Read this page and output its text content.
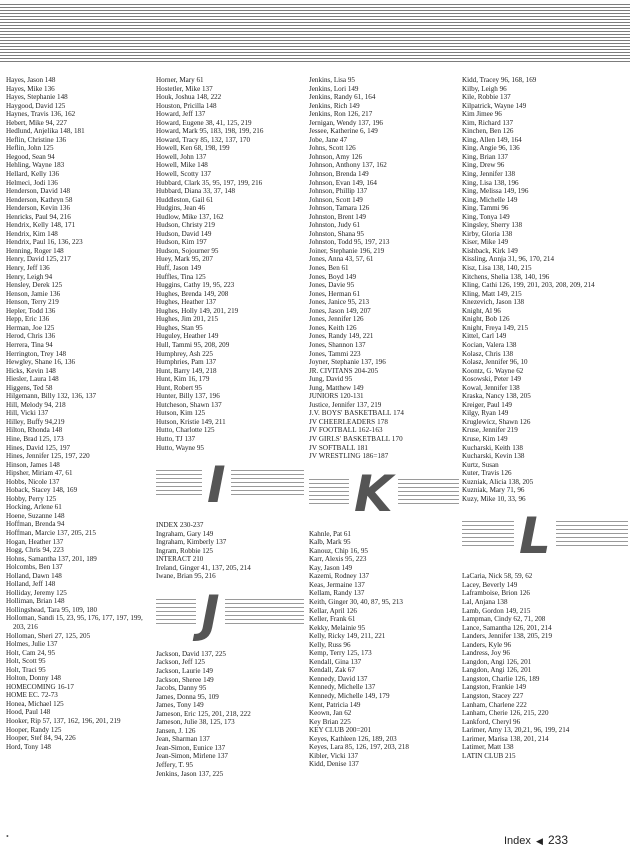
Hayes, Jason 148
Hayes, Mike 136
Hayes, Stephanie 148
Haygood, David 125
Haynes, Travis 136, 162
Hebert, Mike 94, 227
Hedlund, Anjelika 148, 181
Heflin, Christine 136
Heflin, John 125
Hegood, Sean 94
Hehling, Wayne 183
Hellard, Kelly 136
Helmeci, Jodi 136
Henderson, David 148
Henderson, Kathryn 58
Henderson, Kevin 136
Henricks, Paul 94, 216
Hendrix, Kelly 148, 171
Hendrix, Kim 148
Hendrix, Paul 16, 136, 223
Henning, Roger 148
Henry, David 125, 217
Henry, Jeff 136
Henry, Leigh 94
Hensley, Derek 125
Henson, Jamie 136
Henson, Terry 219
Hepler, Todd 136
Hepp, Eric 136
Herman, Joe 125
Herod, Chris 136
Herrera, Tina 94
Herrington, Trey 148
Hewgley, Shane 16, 136
Hicks, Kevin 148
Hiesler, Laura 148
Higgens, Ted 58
Hilgemann, Billy 132, 136, 137
Hill, Melody 94, 218
Hill, Vicki 137
Hilley, Buffy 94,219
Hilton, Rhonda 148
Hine, Brad 125, 173
Hines, David 125, 197
Hines, Jennifer 125, 197, 220
Hinson, James 148
Hipsher, Miriam 47, 61
Hobbs, Nicole 137
Hoback, Stacey 148, 169
Hobby, Perry 125
Hocking, Arlene 61
Hoene, Suzanne 148
Hoffman, Brenda 94
Hoffman, Marcie 137, 205, 215
Hogan, Heather 137
Hogg, Chris 94, 223
Hohns, Samantha 137, 201, 189
Holcombs, Ben 137
Holland, Dawn 148
Holland, Jeff 148
Holliday, Jeremy 125
Holliman, Brian 148
Hollingshead, Tara 95, 109, 180
Holloman, Sandi 15, 23, 95, 176, 177, 197, 199, 203, 216
Holloman, Sheri 27, 125, 205
Holmes, Julie 137
Holt, Cam 24, 95
Holt, Scott 95
Holt, Traci 95
Holton, Donny 148
HOMECOMING 16-17
HOME EC. 72-73
Honea, Michael 125
Hood, Paul 148
Hooker, Rip 57, 137, 162, 196, 201, 219
Hooper, Randy 125
Hooper, Stef 84, 94, 226
Hord, Tony 148
Horner, Mary 61
Hostetler, Mike 137
Houk, Joshua 148, 222
Houston, Pricilla 148
Howard, Jeff 137
Howard, Eugene 38, 41, 125, 219
Howard, Mark 95, 183, 198, 199, 216
Howard, Tracy 85, 132, 137, 170
Howell, Ken 68, 198, 199
Howell, John 137
Howell, Mike 148
Howell, Scotty 137
Hubbard, Clark 35, 95, 197, 199, 216
Hubbard, Diana 33, 37, 148
Huddleston, Gail 61
Hudgins, Jean 46
Hudlow, Mike 137, 162
Hudson, Christy 219
Hudson, David 149
Hudson, Kim 197
Hudson, Sojourner 95
Huey, Mark 95, 207
Huff, Jason 149
Huffles, Tina 125
Huggins, Cathy 19, 95, 223
Hughes, Brenda 149, 208
Hughes, Heather 137
Hughes, Holly 149, 201, 219
Hughes, Jim 201, 215
Hughes, Stan 95
Huguley, Heather 149
Hull, Tammi 95, 208, 209
Humphrey, Ash 225
Humphries, Pam 137
Hunt, Barry 149, 218
Hunt, Kim 16, 179
Hunt, Robert 95
Hunter, Billy 137, 196
Hutcheson, Shawn 137
Hutson, Kim 125
Hutson, Kristie 149, 211
Hutto, Charlotte 125
Hutto, TJ 137
Hutto, Wayne 95
I
INDEX 230-237
Ingraham, Gary 149
Ingraham, Kimberly 137
Ingram, Robbie 125
INTERACT 210
Ireland, Ginger 41, 137, 205, 214
Iwane, Brian 95, 216
J
Jackson, David 137, 225
Jackson, Jeff 125
Jackson, Laurie 149
Jackson, Sheree 149
Jacobs, Danny 95
James, Donna 95, 109
James, Tony 149
Jameson, Eric 125, 201, 218, 222
Jameson, Julie 38, 125, 173
Jansen, J. 126
Jean, Sharman 137
Jean-Simon, Eunice 137
Jean-Simon, Mirlene 137
Jeffery, T. 95
Jenkins, Jason 137, 225
Jenkins, Lisa 95
Jenkins, Lori 149
Jenkins, Randy 61, 164
Jenkins, Rich 149
Jenkins, Ron 126, 217
Jernigan, Wendy 137, 196
Jessee, Katherine 6, 149
Jobe, Jane 47
Johns, Scott 126
Johnson, Amy 126
Johnson, Anthony 137, 162
Johnson, Brenda 149
Johnson, Evan 149, 164
Johnson, Phillip 137
Johnson, Scott 149
Johnson, Tamara 126
Johnston, Brent 149
Johnston, Judy 61
Johnston, Shana 95
Johnston, Todd 95, 197, 213
Joiner, Stephanie 196, 219
Jones, Anna 43, 57, 61
Jones, Ben 61
Jones, Boyd 149
Jones, Davie 95
Jones, Herman 61
Jones, Janice 95, 213
Jones, Jason 149, 207
Jones, Jennifer 126
Jones, Keith 126
Jones, Randy 149, 221
Jones, Shannon 137
Jones, Tammi 223
Joyner, Stephanie 137, 196
JR. CIVITANS 204-205
Jung, David 95
Jung, Matthew 149
JUNIORS 120-131
Justice, Jennifer 137, 219
J.V. BOYS' BASKETBALL 174
JV CHEERLEADERS 178
JV FOOTBALL 162-163
JV GIRLS' BASKETBALL 170
JV SOFTBALL 181
JV WRESTLING 186=187
K
Kahnle, Pat 61
Kalb, Mark 95
Kanouz, Chip 16, 95
Karr, Alexis 95, 223
Kay, Jason 149
Kazemi, Rodney 137
Keas, Jermaine 137
Kellam, Randy 137
Keith, Ginger 30, 40, 87, 95, 213
Kellar, April 126
Keller, Frank 61
Kekky, Melainie 95
Kelly, Ricky 149, 211, 221
Kelly, Russ 96
Kemp, Terry 125, 173
Kendall, Gina 137
Kendall, Zak 67
Kennedy, David 137
Kennedy, Michelle 137
Kennedy, Michelle 149, 179
Kent, Patricia 149
Keown, Jan 62
Key Brian 225
KEY CLUB 200=201
Keyes, Kathleen 126, 189, 203
Keyes, Lara 85, 126, 197, 203, 218
Kibler, Vicki 137
Kidd, Denise 137
Kidd, Tracey 96, 168, 169
Kilby, Leigh 96
Kile, Robbie 137
Kilpatrick, Wayne 149
Kim Jimee 96
Kim, Richard 137
Kinchen, Ben 126
King, Allen 149, 164
King, Angie 96, 136
King, Brian 137
King, Drew 96
King, Jennifer 138
King, Lisa 138, 196
King, Melissa 149, 196
King, Michelle 149
King, Tammi 96
King, Tonya 149
Kingsley, Sherry 138
Kirby, Gloria 138
Kiser, Mike 149
Kishback, Kirk 149
Kissling, Annja 31, 96, 170, 214
Kisz, Lisa 138, 140, 215
Kitchens, Shelia 138, 140, 196
Kling, Cathi 126, 199, 201, 203, 208, 209, 214
Kling, Matt 149, 215
Knezevich, Jason 138
Knight, Al 96
Knight, Bob 126
Knight, Freya 149, 215
Kittel, Carl 149
Kocian, Valera 138
Kolasz, Chris 138
Kolasz, Jennifer 96, 10
Koontz, G. Wayne 62
Kosowski, Peter 149
Kowal, Jennifer 138
Kraska, Nancy 138, 205
Kreiger, Paul 149
Kilgy, Ryan 149
Kruglewicz, Shawn 126
Kruse, Jennifer 219
Kruse, Kim 149
Kucharski, Keith 138
Kucharski, Kevin 138
Kurtz, Susan
Kuter, Travis 126
Kuzniak, Alicia 138, 205
Kuzniak, Mary 71, 96
Kuzy, Mike 10, 33, 96
L
LaCaria, Nick 58, 59, 62
Lacey, Beverly 149
Laframboise, Brion 126
Lal, Anjana 138
Lamb, Gordon 149, 215
Lampman, Cindy 62, 71, 208
Lance, Samantha 126, 201, 214
Landers, Jennifer 138, 205, 219
Landers, Kyle 96
Landress, Joy 96
Langdon, Angi 126, 201
Langdon, Angi 126, 201
Langston, Charlie 126, 189
Langston, Frankie 149
Langston, Stacey 227
Lanham, Charlene 222
Lanham, Cherie 126, 215, 220
Lankford, Cheryl 96
Larimer, Amy 13, 20,21, 96, 199, 214
Larimer, Marisa 138, 201, 214
Latimer, Matt 138
LATIN CLUB 215
•	Index ◀ 233
